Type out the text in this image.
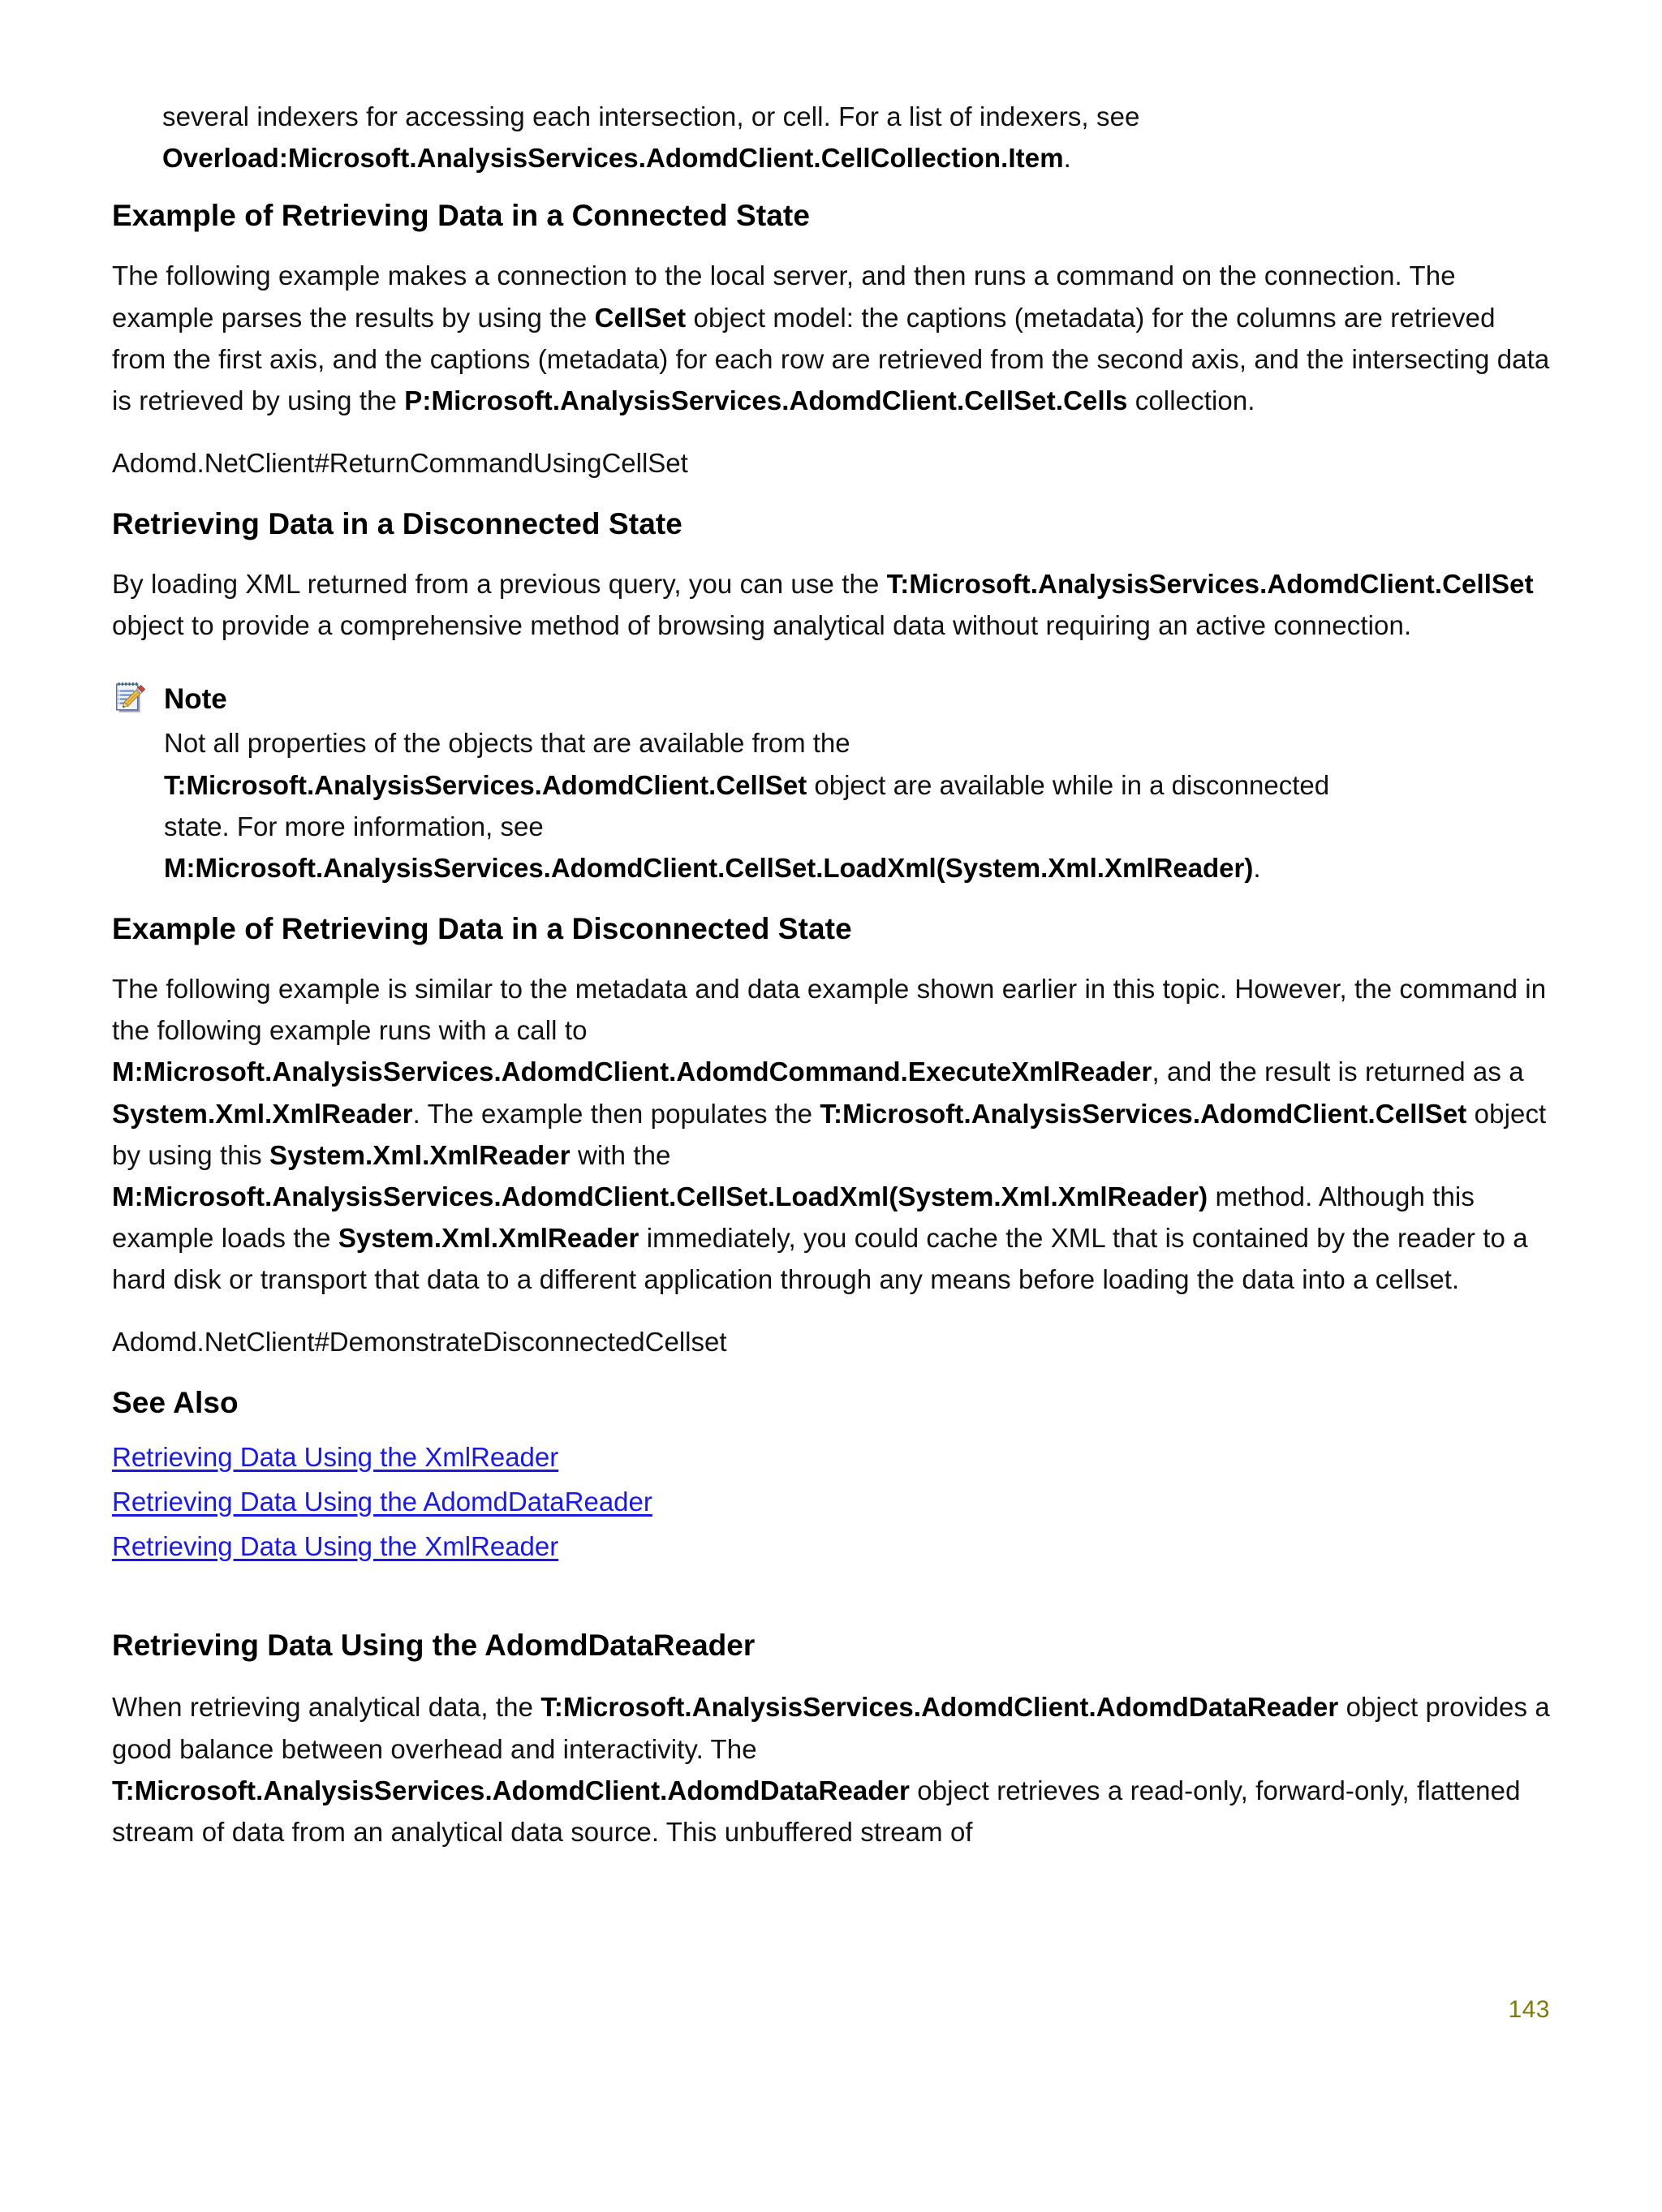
several indexers for accessing each intersection, or cell. For a list of indexers, see Overload:Microsoft.AnalysisServices.AdomdClient.CellCollection.Item.

Example of Retrieving Data in a Connected State

The following example makes a connection to the local server, and then runs a command on the connection. The example parses the results by using the CellSet object model: the captions (metadata) for the columns are retrieved from the first axis, and the captions (metadata) for each row are retrieved from the second axis, and the intersecting data is retrieved by using the P:Microsoft.AnalysisServices.AdomdClient.CellSet.Cells collection.

Adomd.NetClient#ReturnCommandUsingCellSet

Retrieving Data in a Disconnected State

By loading XML returned from a previous query, you can use the T:Microsoft.AnalysisServices.AdomdClient.CellSet object to provide a comprehensive method of browsing analytical data without requiring an active connection.

Note

Not all properties of the objects that are available from the T:Microsoft.AnalysisServices.AdomdClient.CellSet object are available while in a disconnected state. For more information, see M:Microsoft.AnalysisServices.AdomdClient.CellSet.LoadXml(System.Xml.XmlReader).

Example of Retrieving Data in a Disconnected State

The following example is similar to the metadata and data example shown earlier in this topic. However, the command in the following example runs with a call to M:Microsoft.AnalysisServices.AdomdClient.AdomdCommand.ExecuteXmlReader, and the result is returned as a System.Xml.XmlReader. The example then populates the T:Microsoft.AnalysisServices.AdomdClient.CellSet object by using this System.Xml.XmlReader with the M:Microsoft.AnalysisServices.AdomdClient.CellSet.LoadXml(System.Xml.XmlReader) method. Although this example loads the System.Xml.XmlReader immediately, you could cache the XML that is contained by the reader to a hard disk or transport that data to a different application through any means before loading the data into a cellset.

Adomd.NetClient#DemonstrateDisconnectedCellset

See Also
Retrieving Data Using the XmlReader
Retrieving Data Using the AdomdDataReader
Retrieving Data Using the XmlReader
Retrieving Data Using the AdomdDataReader

When retrieving analytical data, the T:Microsoft.AnalysisServices.AdomdClient.AdomdDataReader object provides a good balance between overhead and interactivity. The T:Microsoft.AnalysisServices.AdomdClient.AdomdDataReader object retrieves a read-only, forward-only, flattened stream of data from an analytical data source. This unbuffered stream of

143
